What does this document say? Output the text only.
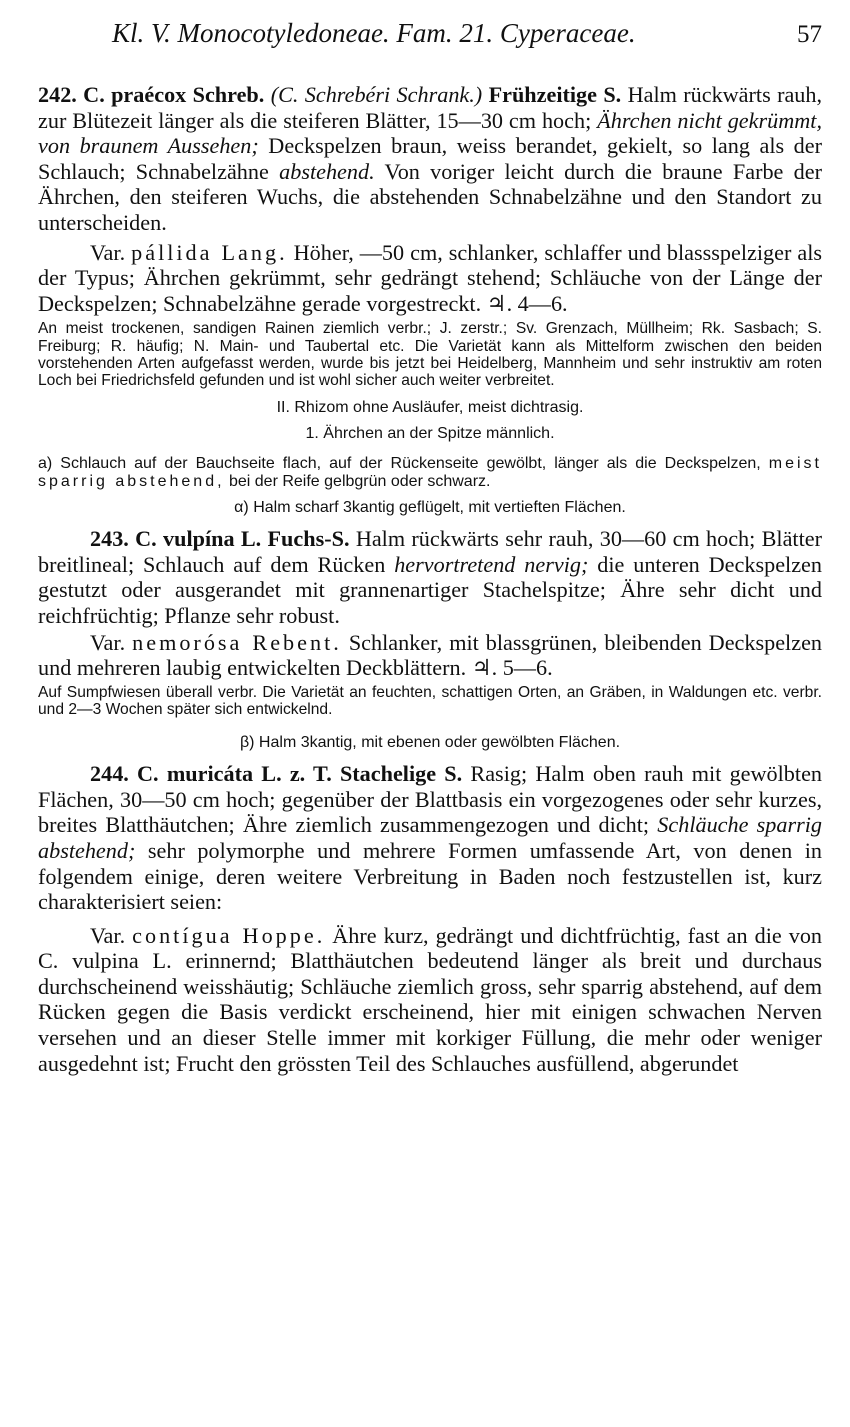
Kl. V. Monocotyledoneae. Fam. 21. Cyperaceae.	57

242. C. praécox Schreb. (C. Schrebéri Schrank.) Frühzeitige S. Halm rückwärts rauh, zur Blütezeit länger als die steiferen Blätter, 15—30 cm hoch; Ährchen nicht gekrümmt, von braunem Aussehen; Deckspelzen braun, weiss berandet, gekielt, so lang als der Schlauch; Schnabelzähne abstehend. Von voriger leicht durch die braune Farbe der Ährchen, den steiferen Wuchs, die abstehenden Schnabelzähne und den Standort zu unterscheiden.

Var. pállida Lang. Höher, —50 cm, schlanker, schlaffer und blassspelziger als der Typus; Ährchen gekrümmt, sehr gedrängt stehend; Schläuche von der Länge der Deckspelzen; Schnabelzähne gerade vorgestreckt. ♃. 4—6.

An meist trockenen, sandigen Rainen ziemlich verbr.; J. zerstr.; Sv. Grenzach, Müllheim; Rk. Sasbach; S. Freiburg; R. häufig; N. Main- und Taubertal etc. Die Varietät kann als Mittelform zwischen den beiden vorstehenden Arten aufgefasst werden, wurde bis jetzt bei Heidelberg, Mannheim und sehr instruktiv am roten Loch bei Friedrichsfeld gefunden und ist wohl sicher auch weiter verbreitet.

II. Rhizom ohne Ausläufer, meist dichtrasig.

1. Ährchen an der Spitze männlich.

a) Schlauch auf der Bauchseite flach, auf der Rückenseite gewölbt, länger als die Deckspelzen, meist sparrig abstehend, bei der Reife gelbgrün oder schwarz.

α) Halm scharf 3kantig geflügelt, mit vertieften Flächen.

243. C. vulpína L. Fuchs-S. Halm rückwärts sehr rauh, 30—60 cm hoch; Blätter breitlineal; Schlauch auf dem Rücken hervortretend nervig; die unteren Deckspelzen gestutzt oder ausgerandet mit grannenartiger Stachelspitze; Ähre sehr dicht und reichfrüchtig; Pflanze sehr robust.

Var. nemorósa Rebent. Schlanker, mit blassgrünen, bleibenden Deckspelzen und mehreren laubig entwickelten Deckblättern. ♃. 5—6.

Auf Sumpfwiesen überall verbr. Die Varietät an feuchten, schattigen Orten, an Gräben, in Waldungen etc. verbr. und 2—3 Wochen später sich entwickelnd.

β) Halm 3kantig, mit ebenen oder gewölbten Flächen.

244. C. muricáta L. z. T. Stachelige S. Rasig; Halm oben rauh mit gewölbten Flächen, 30—50 cm hoch; gegenüber der Blattbasis ein vorgezogenes oder sehr kurzes, breites Blatthäutchen; Ähre ziemlich zusammengezogen und dicht; Schläuche sparrig abstehend; sehr polymorphe und mehrere Formen umfassende Art, von denen in folgendem einige, deren weitere Verbreitung in Baden noch festzustellen ist, kurz charakterisiert seien:

Var. contígua Hoppe. Ähre kurz, gedrängt und dichtfrüchtig, fast an die von C. vulpina L. erinnernd; Blatthäutchen bedeutend länger als breit und durchaus durchscheinend weisshäutig; Schläuche ziemlich gross, sehr sparrig abstehend, auf dem Rücken gegen die Basis verdickt erscheinend, hier mit einigen schwachen Nerven versehen und an dieser Stelle immer mit korkiger Füllung, die mehr oder weniger ausgedehnt ist; Frucht den grössten Teil des Schlauches ausfüllend, abgerundet
